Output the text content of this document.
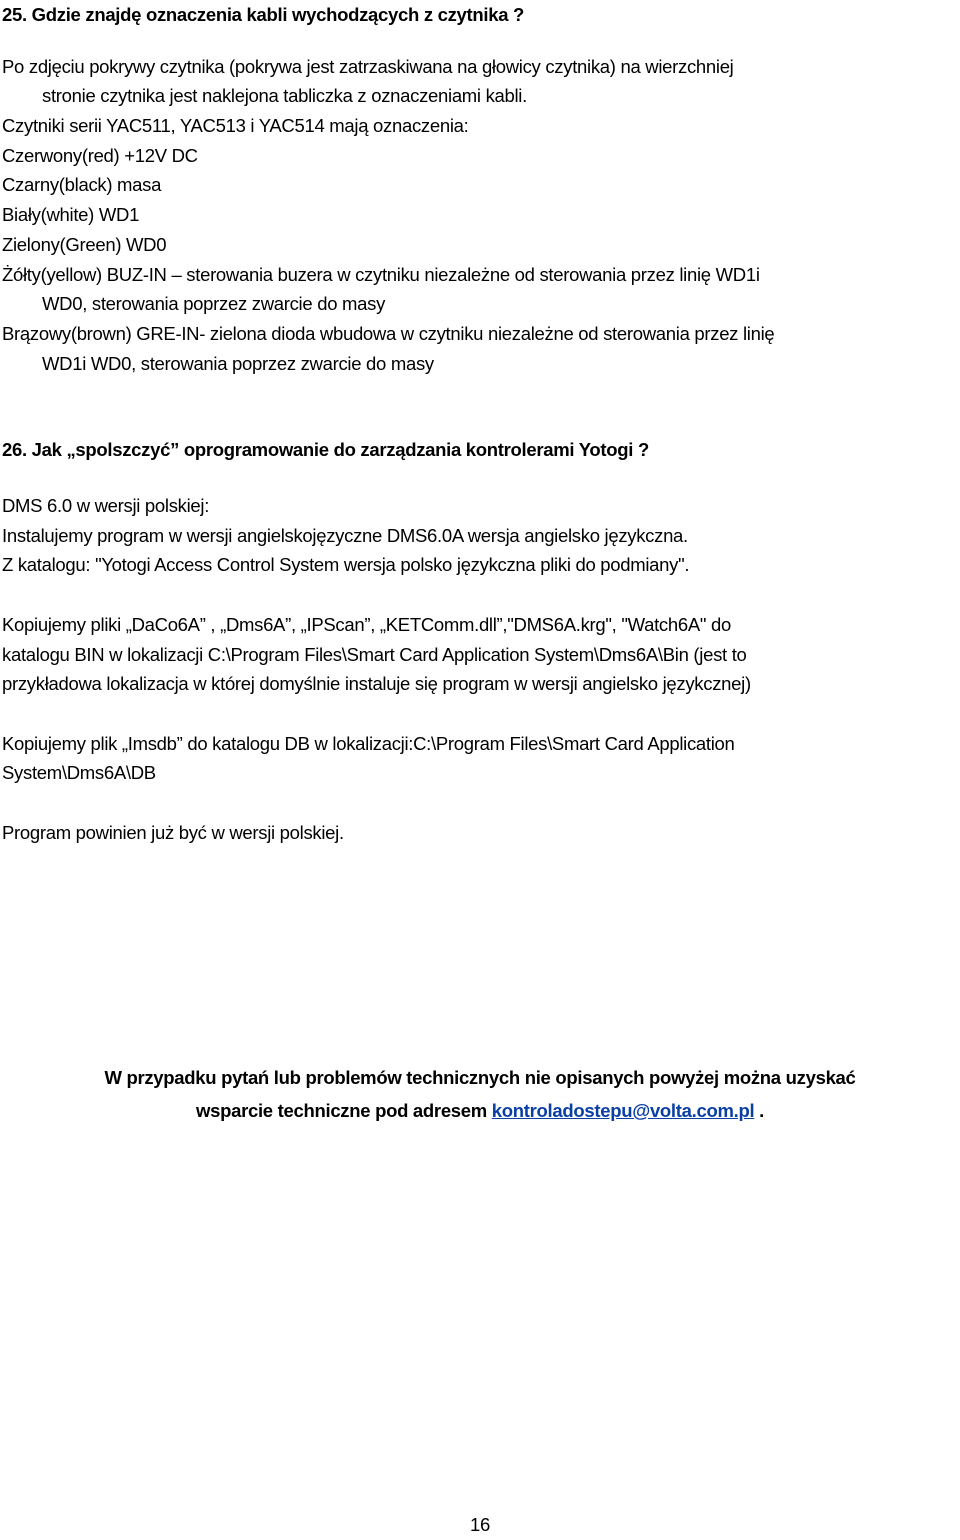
25. Gdzie znajdę oznaczenia kabli wychodzących z czytnika ?
Po zdjęciu pokrywy czytnika (pokrywa jest zatrzaskiwana na głowicy czytnika) na wierzchniej
stronie czytnika jest naklejona tabliczka z oznaczeniami kabli.
Czytniki serii YAC511, YAC513 i YAC514 mają oznaczenia:
Czerwony(red) +12V DC
Czarny(black) masa
Biały(white) WD1
Zielony(Green) WD0
Żółty(yellow) BUZ-IN – sterowania buzera w czytniku niezależne od sterowania przez linię WD1i
WD0, sterowania poprzez zwarcie do masy
Brązowy(brown) GRE-IN- zielona dioda wbudowa w czytniku niezależne od sterowania przez linię
WD1i WD0, sterowania poprzez zwarcie do masy
26. Jak „spolszczyć” oprogramowanie do zarządzania kontrolerami Yotogi ?
DMS 6.0 w wersji polskiej:
Instalujemy program w wersji angielskojęzyczne DMS6.0A wersja angielsko językczna.
Z katalogu: "Yotogi Access Control System wersja polsko językczna pliki do podmiany".
Kopiujemy pliki „DaCo6A” , „Dms6A”, „IPScan”, „KETComm.dll”,"DMS6A.krg", "Watch6A" do
katalogu BIN w lokalizacji C:\Program Files\Smart Card Application System\Dms6A\Bin (jest to
przykładowa lokalizacja w której domyślnie instaluje się program w wersji angielsko językcznej)
Kopiujemy plik „Imsdb” do katalogu DB w lokalizacji:C:\Program Files\Smart Card Application
System\Dms6A\DB
Program powinien już być w wersji polskiej.
W przypadku pytań lub problemów technicznych nie opisanych powyżej można uzyskać
wsparcie techniczne pod adresem kontroladostepu@volta.com.pl .
16
